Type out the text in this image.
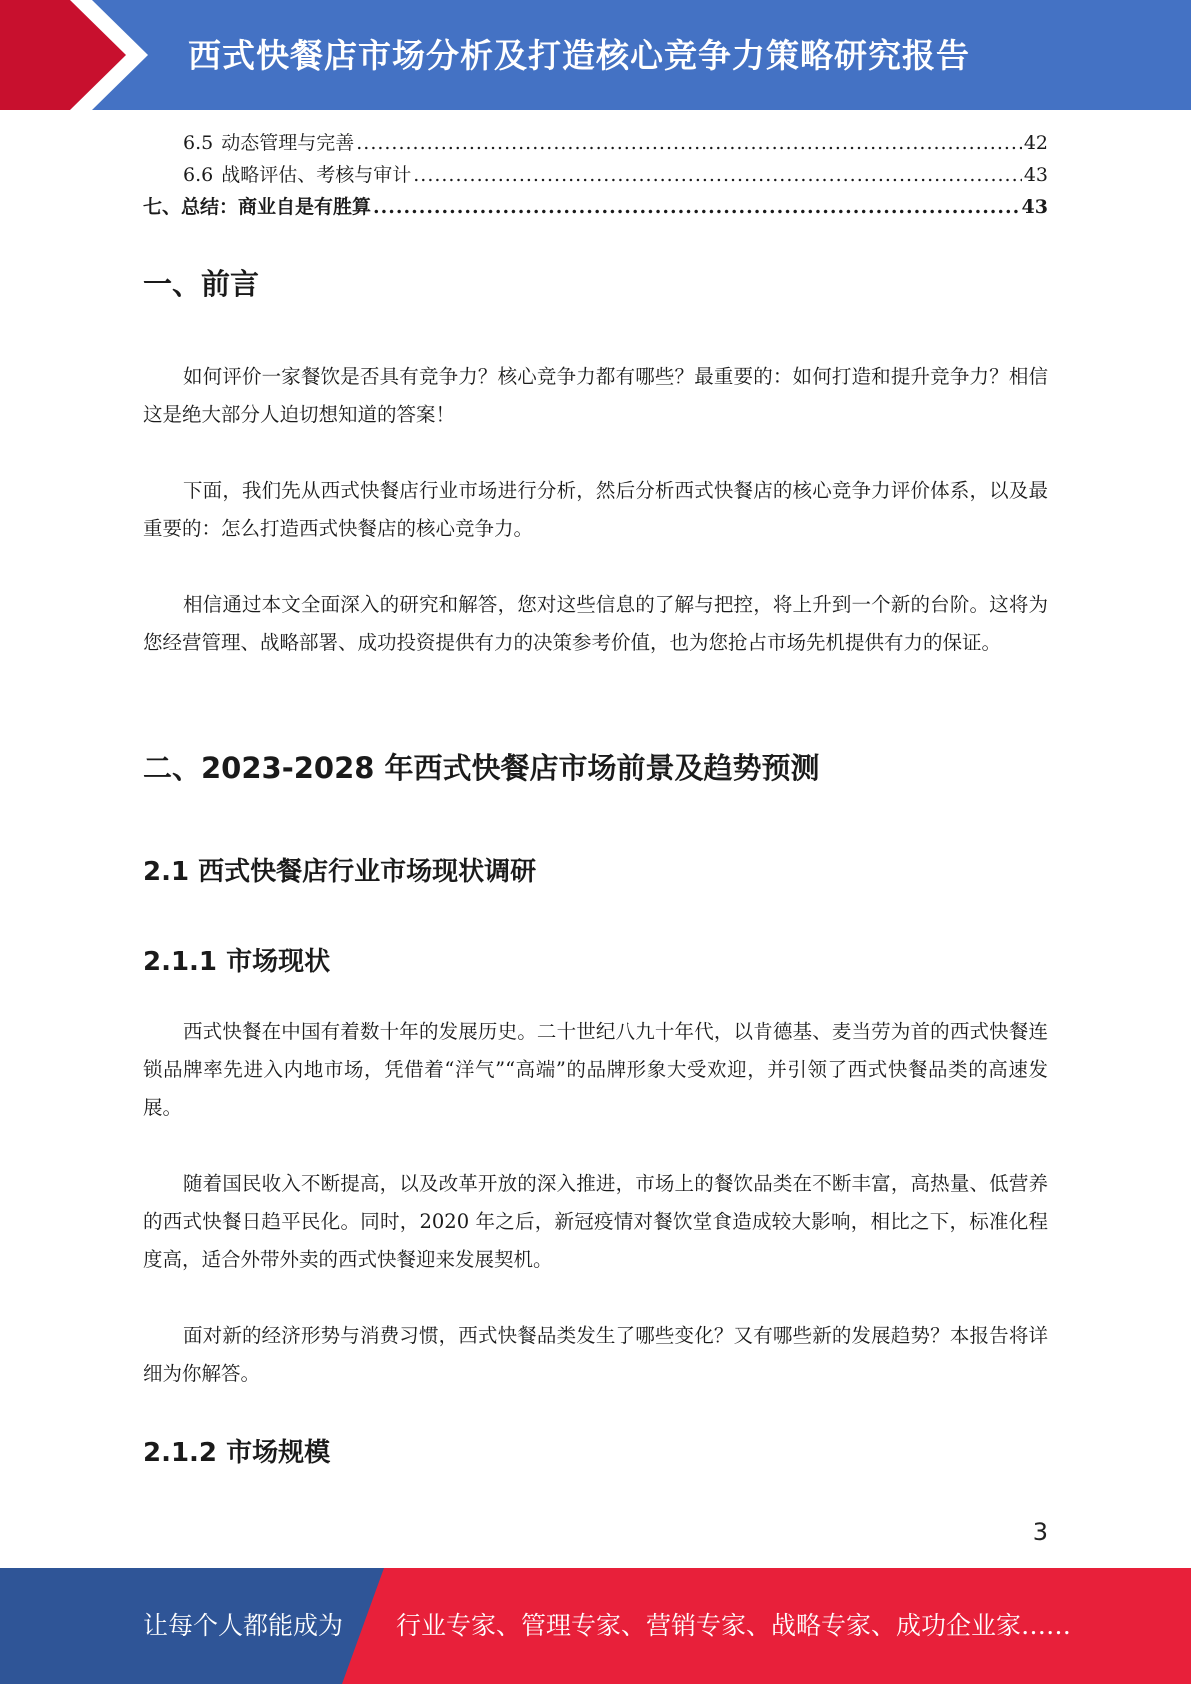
西式快餐店市场分析及打造核心竞争力策略研究报告
6.5 动态管理与完善 .....	42
6.6 战略评估、考核与审计 .....	43
七、总结：商业自是有胜算 .....	43
一、前言

如何评价一家餐饮是否具有竞争力？核心竞争力都有哪些？最重要的：如何打造和提升竞争力？相信这是绝大部分人迫切想知道的答案！

下面，我们先从西式快餐店行业市场进行分析，然后分析西式快餐店的核心竞争力评价体系，以及最重要的：怎么打造西式快餐店的核心竞争力。

相信通过本文全面深入的研究和解答，您对这些信息的了解与把控，将上升到一个新的台阶。这将为您经营管理、战略部署、成功投资提供有力的决策参考价值，也为您抢占市场先机提供有力的保证。

二、2023-2028 年西式快餐店市场前景及趋势预测
2.1 西式快餐店行业市场现状调研
2.1.1 市场现状

西式快餐在中国有着数十年的发展历史。二十世纪八九十年代，以肯德基、麦当劳为首的西式快餐连锁品牌率先进入内地市场，凭借着“洋气”“高端”的品牌形象大受欢迎，并引领了西式快餐品类的高速发展。

随着国民收入不断提高，以及改革开放的深入推进，市场上的餐饮品类在不断丰富，高热量、低营养的西式快餐日趋平民化。同时，2020 年之后，新冠疫情对餐饮堂食造成较大影响，相比之下，标准化程度高，适合外带外卖的西式快餐迎来发展契机。

面对新的经济形势与消费习惯，西式快餐品类发生了哪些变化？又有哪些新的发展趋势？本报告将详细为你解答。

2.1.2 市场规模
3
让每个人都能成为 行业专家、管理专家、营销专家、战略专家、成功企业家……
